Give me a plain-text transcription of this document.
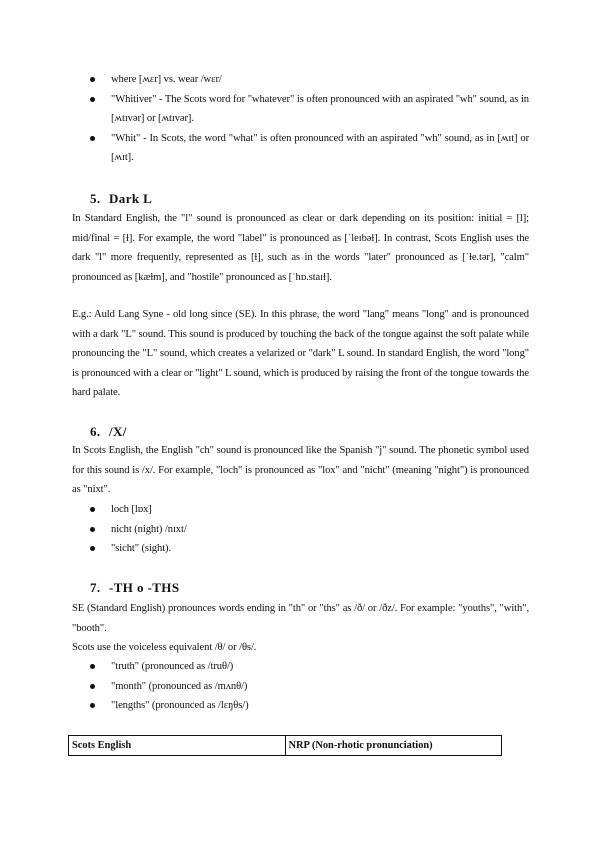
where [ʍɛr] vs. wear /wɛr/
"Whitiver" - The Scots word for "whatever" is often pronounced with an aspirated "wh" sound, as in [ʍtɪvər] or [ʍtɪvər].
"Whit" - In Scots, the word "what" is often pronounced with an aspirated "wh" sound, as in [ʍɪt] or [ʍɪt].
5. Dark L

In Standard English, the "l" sound is pronounced as clear or dark depending on its position: initial = [l]; mid/final = [ɫ]. For example, the word "label" is pronounced as [ˈleɪbəɫ]. In contrast, Scots English uses the dark "l" more frequently, represented as [ɫ], such as in the words "later" pronounced as [ˈɫe.tər], "calm" pronounced as [kæɫm], and "hostile" pronounced as [ˈhɒ.staɪɫ].

E.g.: Auld Lang Syne - old long since (SE). In this phrase, the word "lang" means "long" and is pronounced with a dark "L" sound. This sound is produced by touching the back of the tongue against the soft palate while pronouncing the "L" sound, which creates a velarized or "dark" L sound. In standard English, the word "long" is pronounced with a clear or "light" L sound, which is produced by raising the front of the tongue towards the hard palate.

6. /X/

In Scots English, the English "ch" sound is pronounced like the Spanish "j" sound. The phonetic symbol used for this sound is /x/. For example, "loch" is pronounced as "lox" and "nicht" (meaning "night") is pronounced as "nixt".

loch [lɒx]
nicht (night) /nɪxt/
"sicht" (sight).
7. -TH o -THS

SE (Standard English) pronounces words ending in "th" or "ths" as /ð/ or /ðz/. For example: "youths", "with", "booth".

Scots use the voiceless equivalent /θ/ or /θs/.

"truth" (pronounced as /truθ/)
"month" (pronounced as /mʌnθ/)
"lengths" (pronounced as /lɛŋθs/)
Scots English	NRP (Non-rhotic pronunciation)
